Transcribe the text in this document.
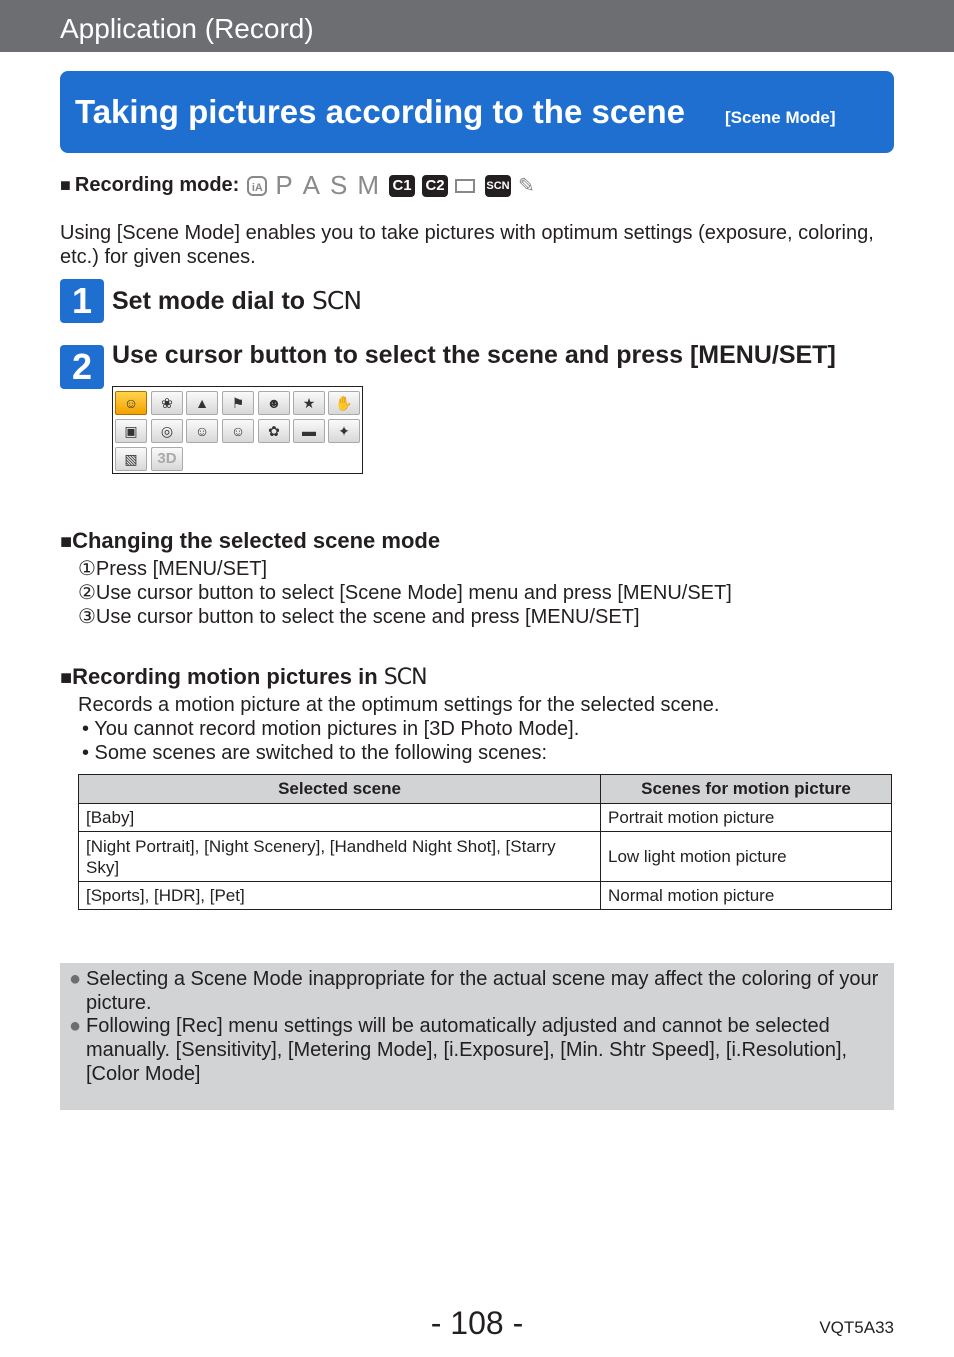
Application (Record)
Taking pictures according to the scene [Scene Mode]
■ Recording mode:	iA P A S M C1 C2	SCN ✎
Using [Scene Mode] enables you to take pictures with optimum settings (exposure, coloring, etc.) for given scenes.
1 Set mode dial to SCN
2 Use cursor button to select the scene and press [MENU/SET]
☺	❀	▲	⚑	☻	★	✋
▣	◎	☺	☺	✿	▬	✦
▧	3D
■Changing the selected scene mode
①Press [MENU/SET]
②Use cursor button to select [Scene Mode] menu and press [MENU/SET]
③Use cursor button to select the scene and press [MENU/SET]
■Recording motion pictures in SCN
Records a motion picture at the optimum settings for the selected scene.
• You cannot record motion pictures in [3D Photo Mode].
• Some scenes are switched to the following scenes:
Selected scene	Scenes for motion picture
[Baby]	Portrait motion picture
[Night Portrait], [Night Scenery], [Handheld Night Shot], [Starry Sky]	Low light motion picture
[Sports], [HDR], [Pet]	Normal motion picture
● Selecting a Scene Mode inappropriate for the actual scene may affect the coloring of your picture.
● Following [Rec] menu settings will be automatically adjusted and cannot be selected manually. [Sensitivity], [Metering Mode], [i.Exposure], [Min. Shtr Speed], [i.Resolution], [Color Mode]
- 108 -	VQT5A33
